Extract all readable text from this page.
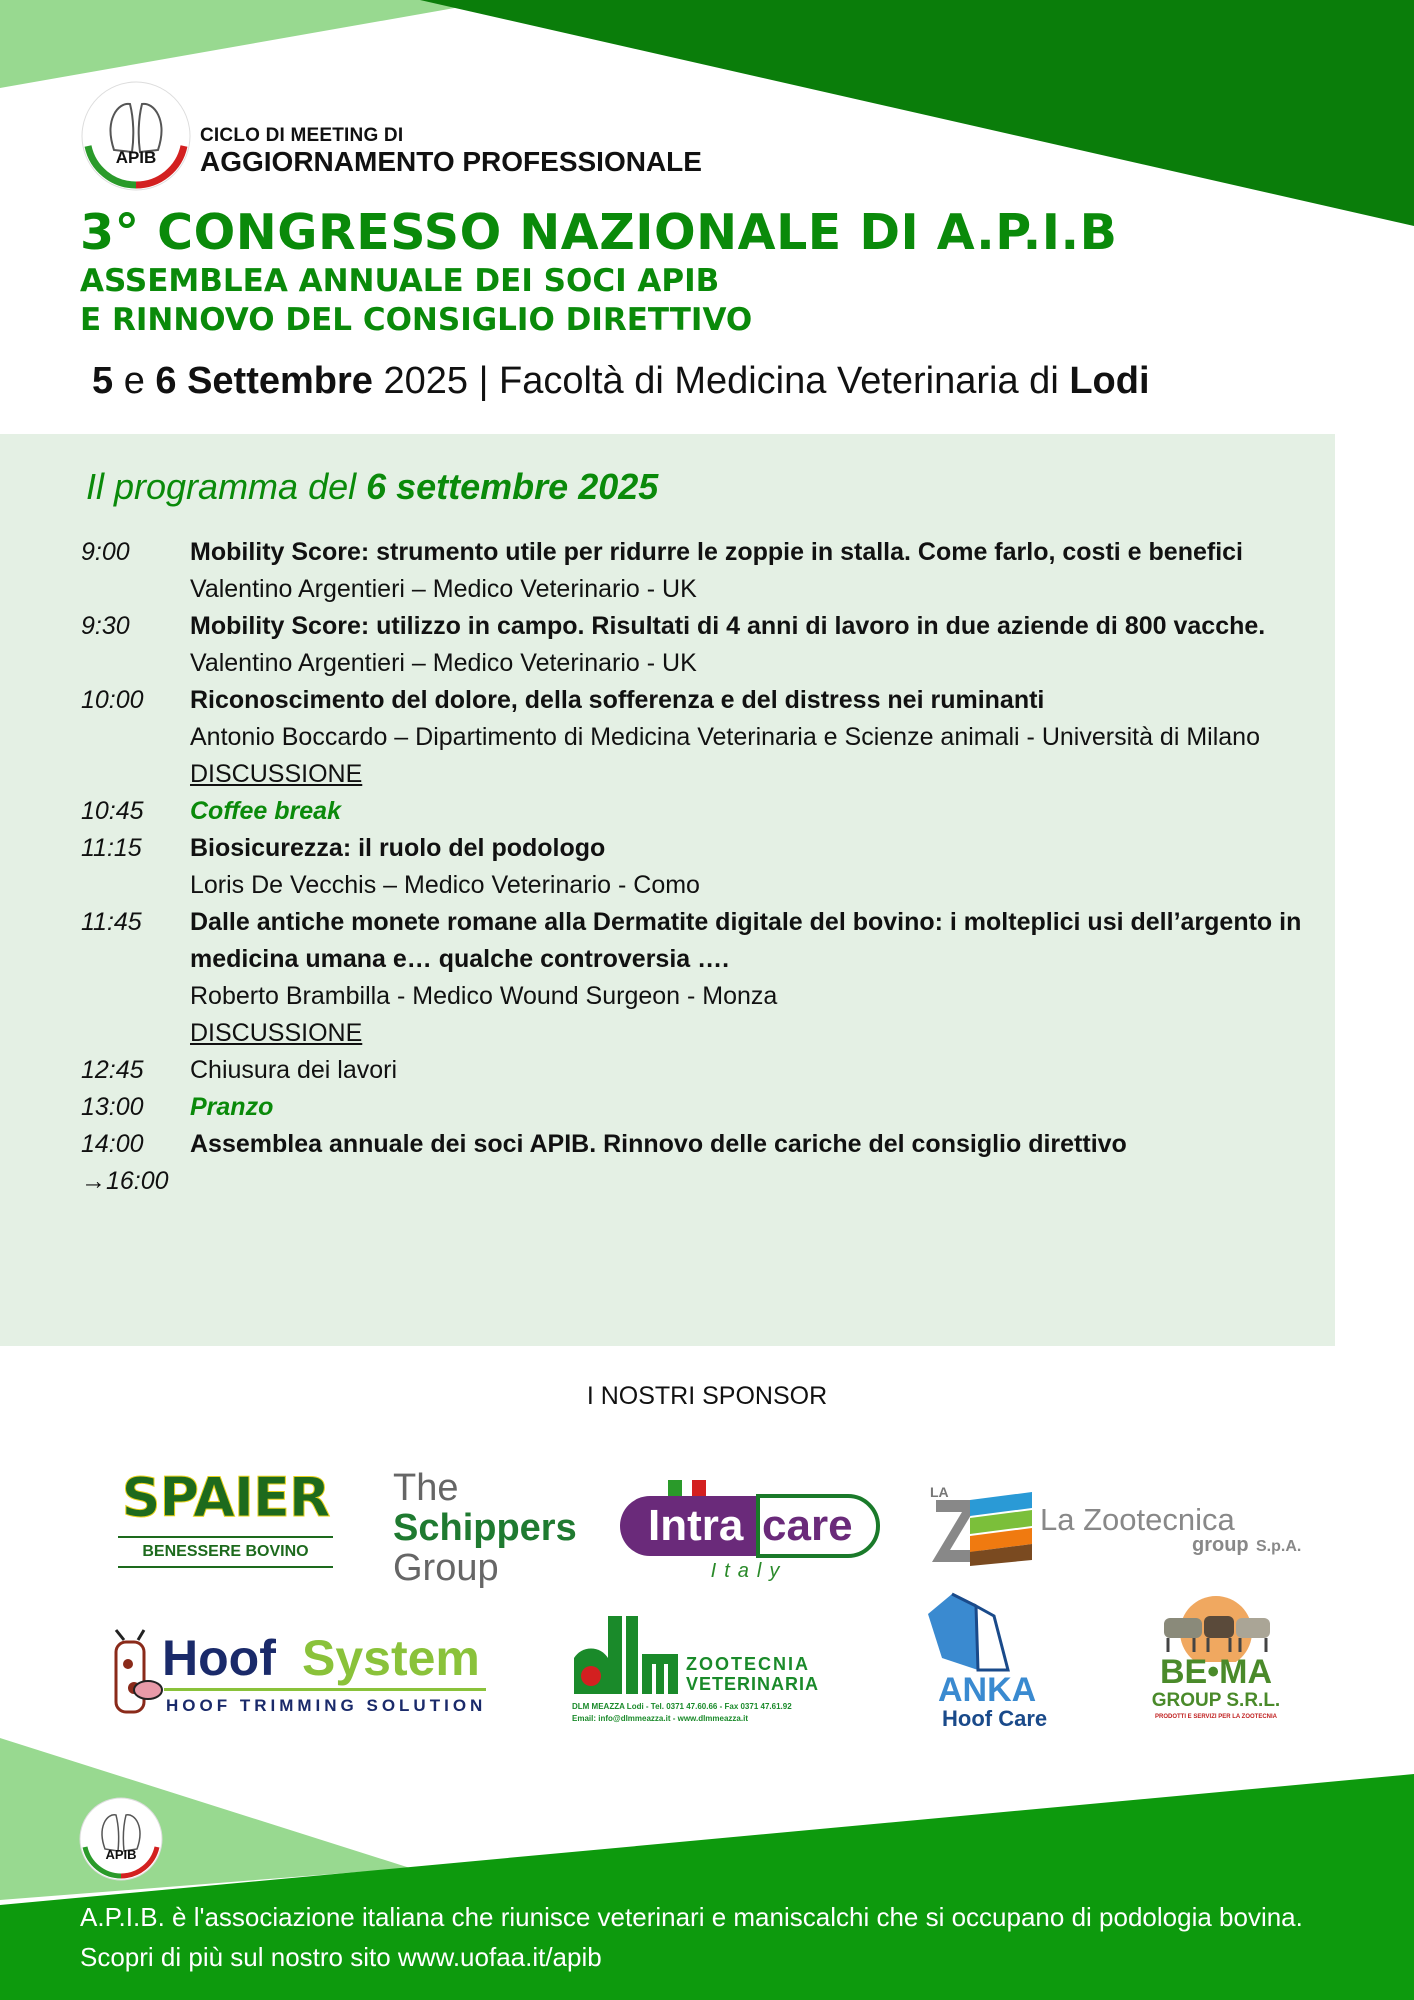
APIB
CICLO DI MEETING DI
AGGIORNAMENTO PROFESSIONALE
3° CONGRESSO NAZIONALE DI A.P.I.B
ASSEMBLEA ANNUALE DEI SOCI APIB
E RINNOVO DEL CONSIGLIO DIRETTIVO
5 e 6 Settembre 2025 | Facoltà di Medicina Veterinaria di Lodi
Il programma del 6 settembre 2025
9:00	Mobility Score: strumento utile per ridurre le zoppie in stalla. Come farlo, costi e benefici
Valentino Argentieri – Medico Veterinario - UK
9:30	Mobility Score: utilizzo in campo. Risultati di 4 anni di lavoro in due aziende di 800 vacche.
Valentino Argentieri – Medico Veterinario - UK
10:00	Riconoscimento del dolore, della sofferenza e del distress nei ruminanti
Antonio Boccardo – Dipartimento di Medicina Veterinaria e Scienze animali - Università di Milano
DISCUSSIONE
10:45	Coffee break
11:15	Biosicurezza: il ruolo del podologo
Loris De Vecchis – Medico Veterinario - Como
11:45	Dalle antiche monete romane alla Dermatite digitale del bovino: i molteplici usi dell’argento in medicina umana e… qualche controversia ….
Roberto Brambilla - Medico Wound Surgeon - Monza
DISCUSSIONE
12:45	Chiusura dei lavori
13:00	Pranzo
14:00	Assemblea annuale dei soci APIB. Rinnovo delle cariche del consiglio direttivo
→16:00
I NOSTRI SPONSOR
SPAIER
BENESSERE BOVINO
The
Schippers
Group
Intra care
Italy
LA
La Zootecnica
group S.p.A.
Hoof System
HOOF TRIMMING SOLUTION
ZOOTECNIA
VETERINARIA
DLM MEAZZA Lodi - Tel. 0371 47.60.66 - Fax 0371 47.61.92
Email: info@dlmmeazza.it - www.dlmmeazza.it
ANKA
Hoof Care
BE•MA
GROUP S.R.L.
PRODOTTI E SERVIZI PER LA ZOOTECNIA
APIB
A.P.I.B. è l'associazione italiana che riunisce veterinari e maniscalchi che si occupano di podologia bovina. Scopri di più sul nostro sito www.uofaa.it/apib
